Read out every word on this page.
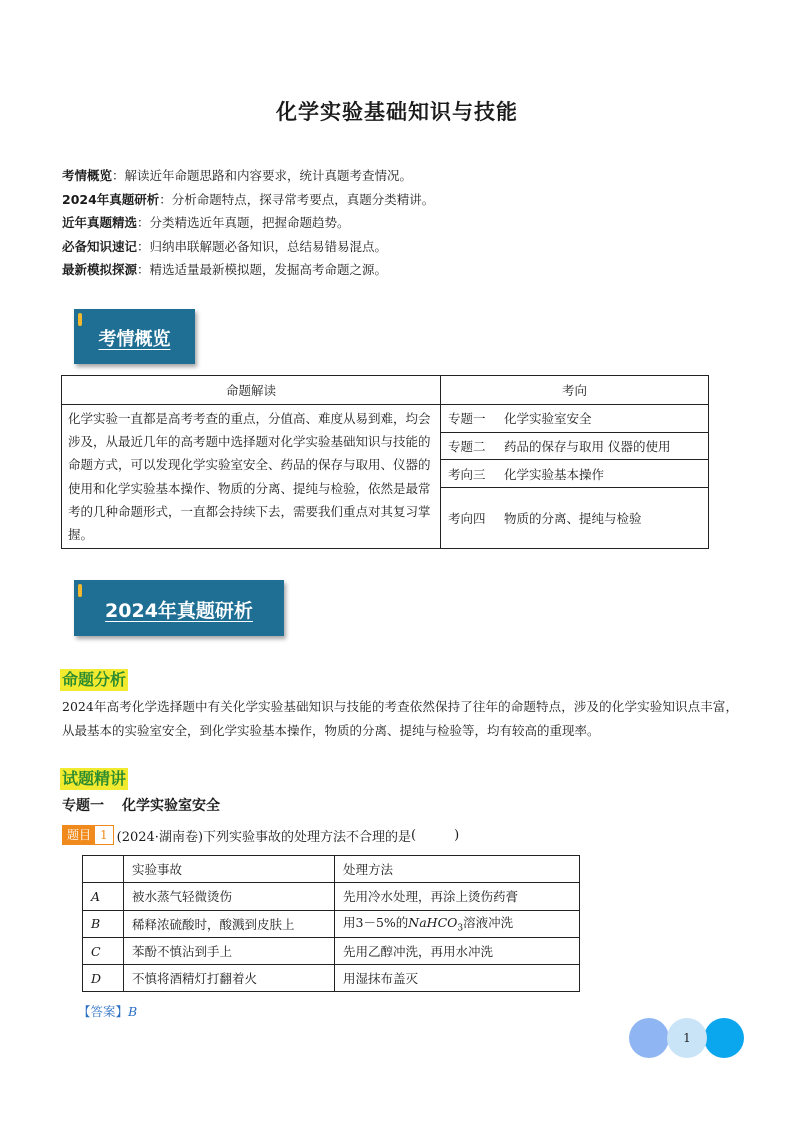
化学实验基础知识与技能
考情概览：解读近年命题思路和内容要求，统计真题考查情况。
2024年真题研析：分析命题特点，探寻常考要点，真题分类精讲。
近年真题精选：分类精选近年真题，把握命题趋势。
必备知识速记：归纳串联解题必备知识，总结易错易混点。
最新模拟探源：精选适量最新模拟题，发掘高考命题之源。
考情概览
命题解读	考向
化学实验一直都是高考考查的重点，分值高、难度从易到难，均会涉及，从最近几年的高考题中选择题对化学实验基础知识与技能的命题方式，可以发现化学实验室安全、药品的保存与取用、仪器的使用和化学实验基本操作、物质的分离、提纯与检验，依然是最常考的几种命题形式，一直都会持续下去，需要我们重点对其复习掌握。	专题一 化学实验室安全
	专题二 药品的保存与取用 仪器的使用
	考向三 化学实验基本操作
	考向四 物质的分离、提纯与检验
2024年真题研析
命题分析
2024年高考化学选择题中有关化学实验基础知识与技能的考查依然保持了往年的命题特点，涉及的化学实验知识点丰富，从最基本的实验室安全，到化学实验基本操作，物质的分离、提纯与检验等，均有较高的重现率。
试题精讲
专题一 化学实验室安全
题目 1 (2024·湖南卷) 下列实验事故的处理方法不合理的是 (	)
	实验事故	处理方法
A	被水蒸气轻微烫伤	先用冷水处理，再涂上烫伤药膏
B	稀释浓硫酸时，酸溅到皮肤上	用3－5%的NaHCO$_3$溶液冲洗
C	苯酚不慎沾到手上	先用乙醇冲洗，再用水冲洗
D	不慎将酒精灯打翻着火	用湿抹布盖灭
【答案】B
1
